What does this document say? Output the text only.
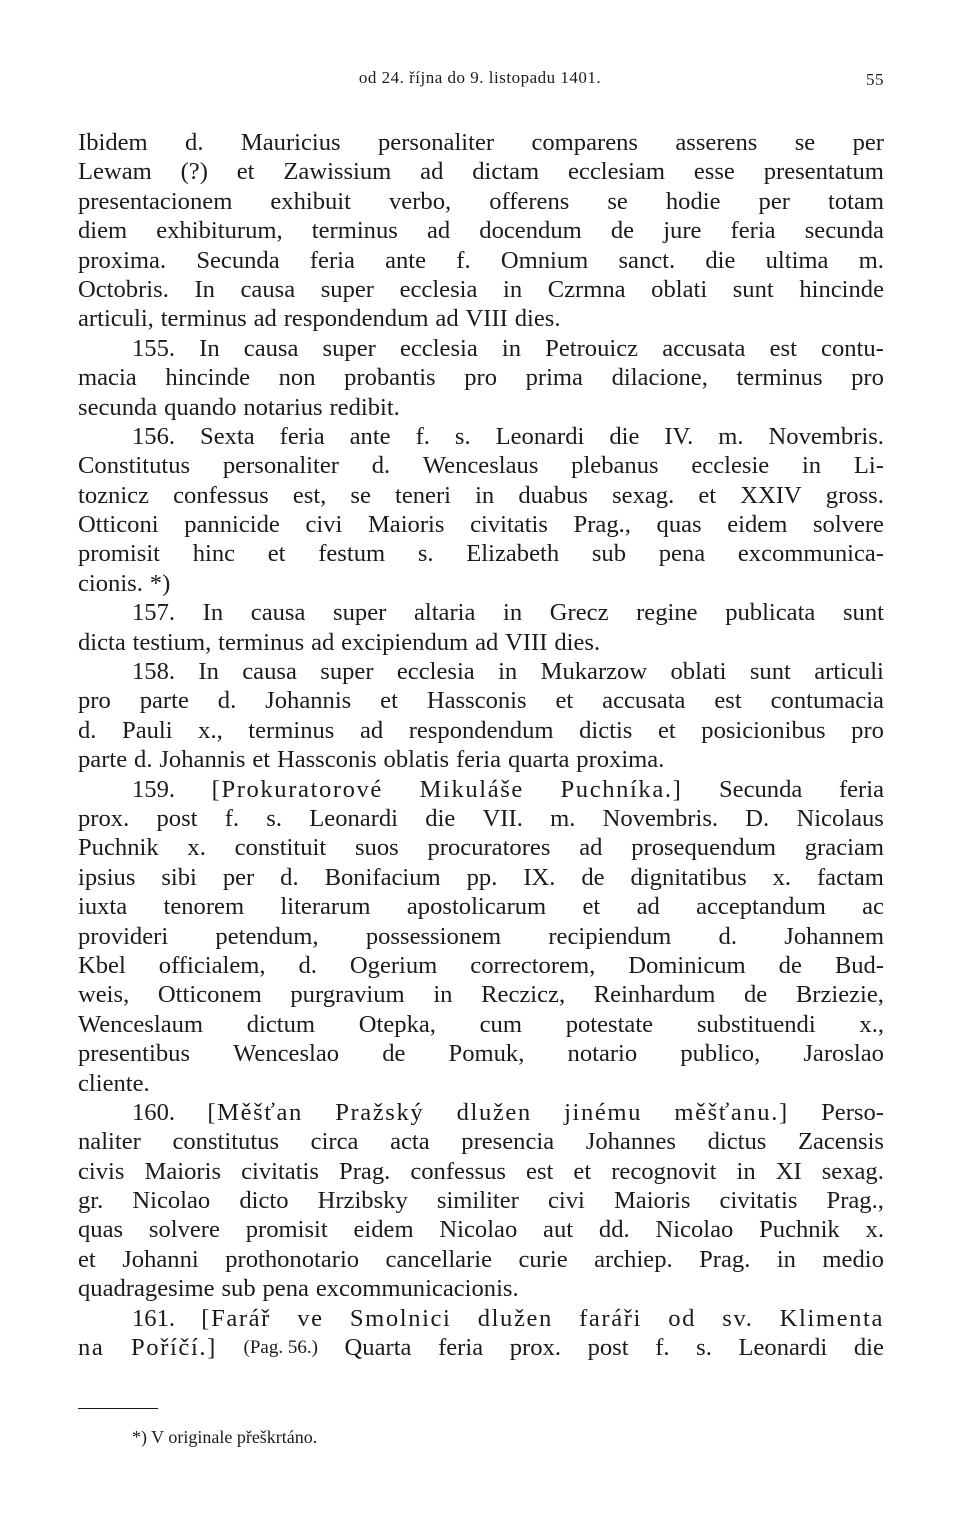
od 24. října do 9. listopadu 1401.	55
Ibidem d. Mauricius personaliter comparens asserens se per
Lewam (?) et Zawissium ad dictam ecclesiam esse presentatum
presentacionem exhibuit verbo, offerens se hodie per totam
diem exhibiturum, terminus ad docendum de jure feria secunda
proxima. Secunda feria ante f. Omnium sanct. die ultima m.
Octobris. In causa super ecclesia in Czrmna oblati sunt hincinde
articuli, terminus ad respondendum ad VIII dies.
155. In causa super ecclesia in Petrouicz accusata est contu-
macia hincinde non probantis pro prima dilacione, terminus pro
secunda quando notarius redibit.
156. Sexta feria ante f. s. Leonardi die IV. m. Novembris.
Constitutus personaliter d. Wenceslaus plebanus ecclesie in Li-
toznicz confessus est, se teneri in duabus sexag. et XXIV gross.
Otticoni pannicide civi Maioris civitatis Prag., quas eidem solvere
promisit hinc et festum s. Elizabeth sub pena excommunica-
cionis. *)
157. In causa super altaria in Grecz regine publicata sunt
dicta testium, terminus ad excipiendum ad VIII dies.
158. In causa super ecclesia in Mukarzow oblati sunt articuli
pro parte d. Johannis et Hassconis et accusata est contumacia
d. Pauli x., terminus ad respondendum dictis et posicionibus pro
parte d. Johannis et Hassconis oblatis feria quarta proxima.
159. [Prokuratorové Mikuláše Puchníka.] Secunda feria
prox. post f. s. Leonardi die VII. m. Novembris. D. Nicolaus
Puchnik x. constituit suos procuratores ad prosequendum graciam
ipsius sibi per d. Bonifacium pp. IX. de dignitatibus x. factam
iuxta tenorem literarum apostolicarum et ad acceptandum ac
provideri petendum, possessionem recipiendum d. Johannem
Kbel officialem, d. Ogerium correctorem, Dominicum de Bud-
weis, Otticonem purgravium in Reczicz, Reinhardum de Brziezie,
Wenceslaum dictum Otepka, cum potestate substituendi x.,
presentibus Wenceslao de Pomuk, notario publico, Jaroslao
cliente.
160. [Měšťan Pražský dlužen jinému měšťanu.] Perso-
naliter constitutus circa acta presencia Johannes dictus Zacensis
civis Maioris civitatis Prag. confessus est et recognovit in XI sexag.
gr. Nicolao dicto Hrzibsky similiter civi Maioris civitatis Prag.,
quas solvere promisit eidem Nicolao aut dd. Nicolao Puchnik x.
et Johanni prothonotario cancellarie curie archiep. Prag. in medio
quadragesime sub pena excommunicacionis.
161. [Farář ve Smolnici dlužen faráři od sv. Klimenta
na Poříčí.] (Pag. 56.) Quarta feria prox. post f. s. Leonardi die
*) V originale přeškrtáno.
